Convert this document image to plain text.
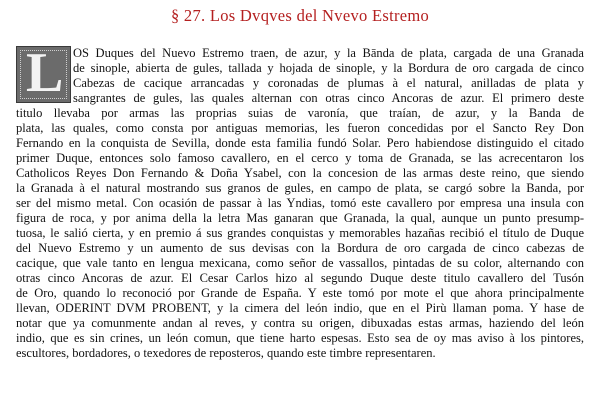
§ 27. Los Dvqves del Nvevo Estremo
L OS Duques del Nuevo Estremo traen, de azur, y la Bānda de plata, cargada de una Granada
de sinople, abierta de gules, tallada y hojada de sinople, y la Bordura de oro cargada de cinco
Cabezas de cacique arrancadas y coronadas de plumas à el natural, anilladas de plata y
sangrantes de gules, las quales alternan con otras cinco Ancoras de azur. El primero deste
titulo llevaba por armas las proprias suias de varonía, que traían, de azur, y la Banda de
plata, las quales, como consta por antiguas memorias, les fueron concedidas por el Sancto Rey Don
Fernando en la conquista de Sevilla, donde esta familia fundó Solar. Pero habiendose distinguido el citado
primer Duque, entonces solo famoso cavallero, en el cerco y toma de Granada, se las acrecentaron los
Catholicos Reyes Don Fernando & Doña Ysabel, con la concesion de las armas deste reino, que siendo
la Granada à el natural mostrando sus granos de gules, en campo de plata, se cargó sobre la Banda, por
ser del mismo metal. Con ocasión de passar à las Yndias, tomó este cavallero por empresa una insula con
figura de roca, y por anima della la letra Mas ganaran que Granada, la qual, aunque un punto presump-
tuosa, le salió cierta, y en premio á sus grandes conquistas y memorables hazañas recibió el título de Duque
del Nuevo Estremo y un aumento de sus devisas con la Bordura de oro cargada de cinco cabezas de
cacique, que vale tanto en lengua mexicana, como señor de vassallos, pintadas de su color, alternando con
otras cinco Ancoras de azur. El Cesar Carlos hizo al segundo Duque deste titulo cavallero del Tusón
de Oro, quando lo reconoció por Grande de España. Y este tomó por mote el que ahora principalmente
llevan, ODERINT DVM PROBENT, y la cimera del león indio, que en el Pirù llaman poma. Y hase de
notar que ya comunmente andan al reves, y contra su origen, dibuxadas estas armas, haziendo del león
indio, que es sin crines, un león comun, que tiene harto espesas. Esto sea de oy mas aviso à los pintores,
escultores, bordadores, o texedores de reposteros, quando este timbre representaren.
